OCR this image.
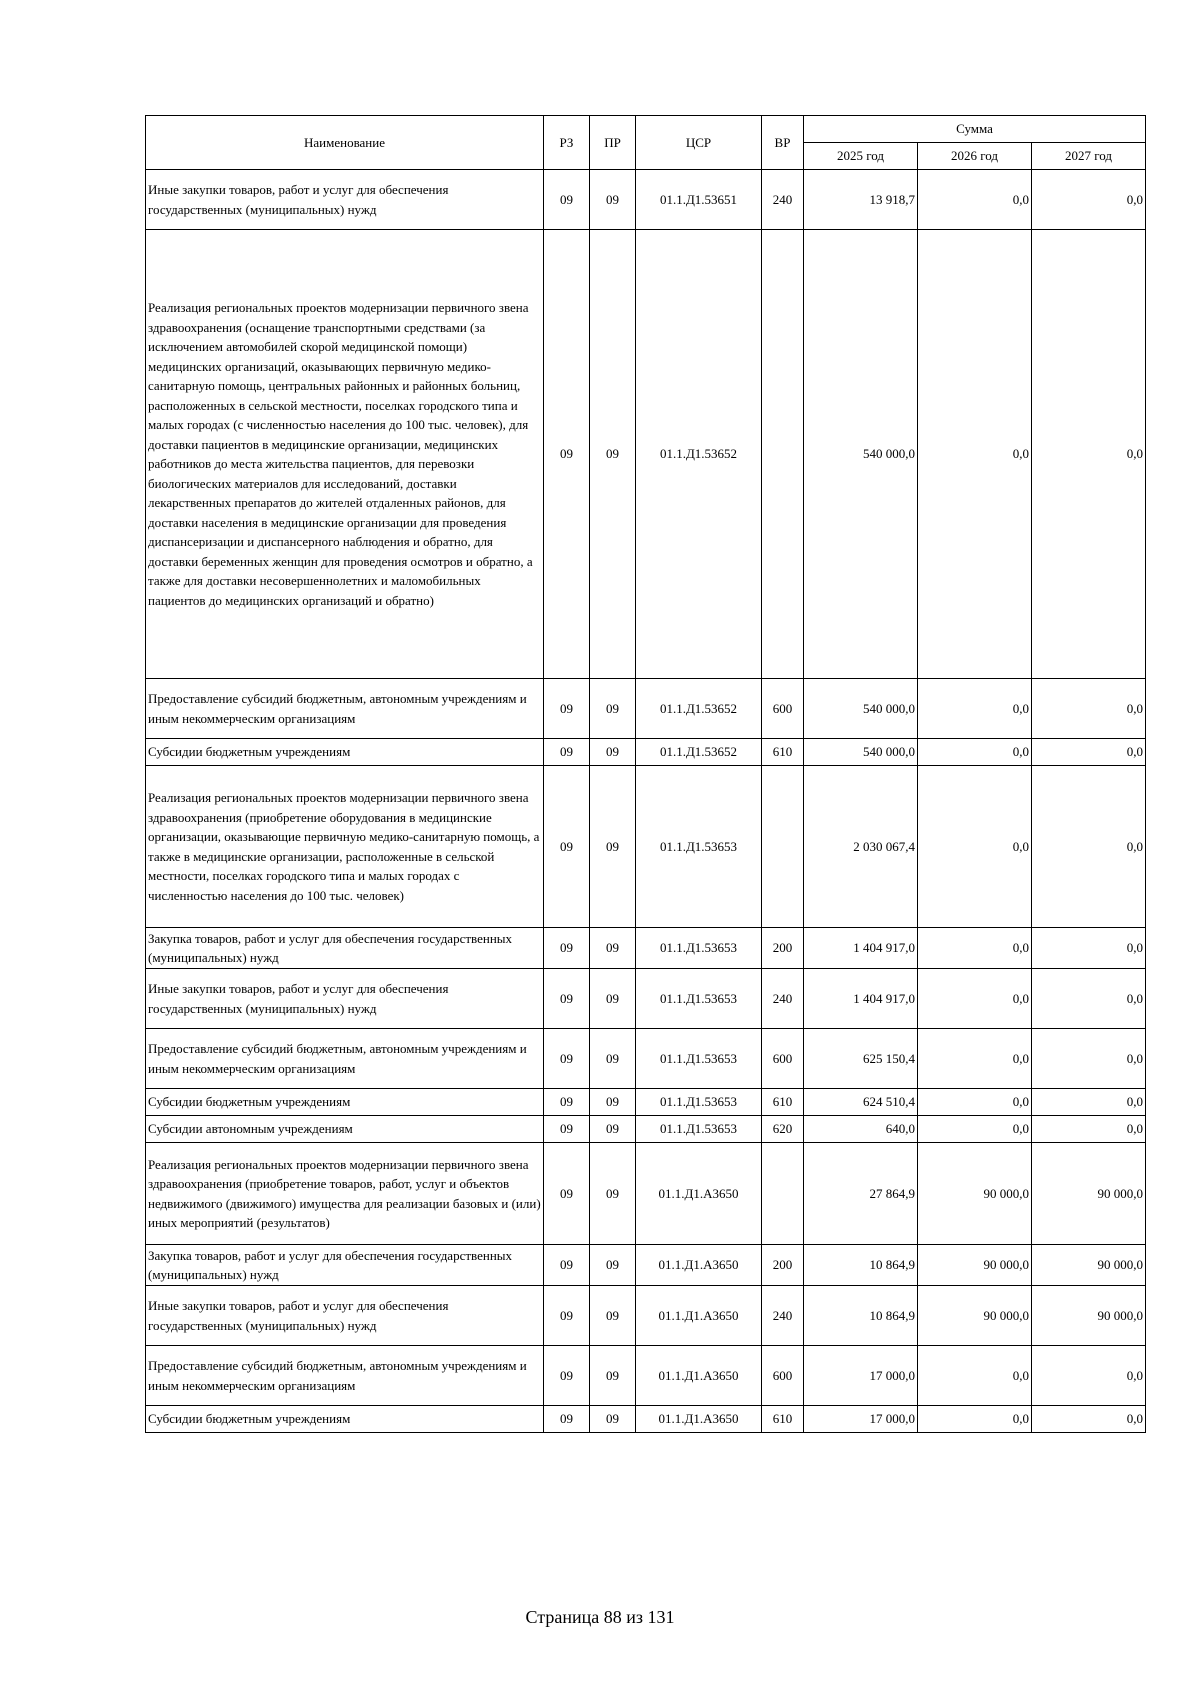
Наименование	РЗ	ПР	ЦСР	ВР	Сумма		
					2025 год	2026 год	2027 год
Иные закупки товаров, работ и услуг для обеспечения государственных (муниципальных) нужд	09	09	01.1.Д1.53651	240	13 918,7	0,0	0,0
Реализация региональных проектов модернизации первичного звена здравоохранения (оснащение транспортными средствами (за исключением автомобилей скорой медицинской помощи) медицинских организаций, оказывающих первичную медико-санитарную помощь, центральных районных и районных больниц, расположенных в сельской местности, поселках городского типа и малых городах (с численностью населения до 100 тыс. человек), для доставки пациентов в медицинские организации, медицинских работников до места жительства пациентов, для перевозки биологических материалов для исследований, доставки лекарственных препаратов до жителей отдаленных районов, для доставки населения в медицинские организации для проведения диспансеризации и диспансерного наблюдения и обратно, для доставки беременных женщин для проведения осмотров и обратно, а также для доставки несовершеннолетних и маломобильных пациентов до медицинских организаций и обратно)	09	09	01.1.Д1.53652		540 000,0	0,0	0,0
Предоставление субсидий бюджетным, автономным учреждениям и иным некоммерческим организациям	09	09	01.1.Д1.53652	600	540 000,0	0,0	0,0
Субсидии бюджетным учреждениям	09	09	01.1.Д1.53652	610	540 000,0	0,0	0,0
Реализация региональных проектов модернизации первичного звена здравоохранения (приобретение оборудования в медицинские организации, оказывающие первичную медико-санитарную помощь, а также в медицинские организации, расположенные в сельской местности, поселках городского типа и малых городах с численностью населения до 100 тыс. человек)	09	09	01.1.Д1.53653		2 030 067,4	0,0	0,0
Закупка товаров, работ и услуг для обеспечения государственных (муниципальных) нужд	09	09	01.1.Д1.53653	200	1 404 917,0	0,0	0,0
Иные закупки товаров, работ и услуг для обеспечения государственных (муниципальных) нужд	09	09	01.1.Д1.53653	240	1 404 917,0	0,0	0,0
Предоставление субсидий бюджетным, автономным учреждениям и иным некоммерческим организациям	09	09	01.1.Д1.53653	600	625 150,4	0,0	0,0
Субсидии бюджетным учреждениям	09	09	01.1.Д1.53653	610	624 510,4	0,0	0,0
Субсидии автономным учреждениям	09	09	01.1.Д1.53653	620	640,0	0,0	0,0
Реализация региональных проектов модернизации первичного звена здравоохранения (приобретение товаров, работ, услуг и объектов недвижимого (движимого) имущества для реализации базовых и (или) иных мероприятий (результатов)	09	09	01.1.Д1.А3650		27 864,9	90 000,0	90 000,0
Закупка товаров, работ и услуг для обеспечения государственных (муниципальных) нужд	09	09	01.1.Д1.А3650	200	10 864,9	90 000,0	90 000,0
Иные закупки товаров, работ и услуг для обеспечения государственных (муниципальных) нужд	09	09	01.1.Д1.А3650	240	10 864,9	90 000,0	90 000,0
Предоставление субсидий бюджетным, автономным учреждениям и иным некоммерческим организациям	09	09	01.1.Д1.А3650	600	17 000,0	0,0	0,0
Субсидии бюджетным учреждениям	09	09	01.1.Д1.А3650	610	17 000,0	0,0	0,0
Страница 88 из 131
